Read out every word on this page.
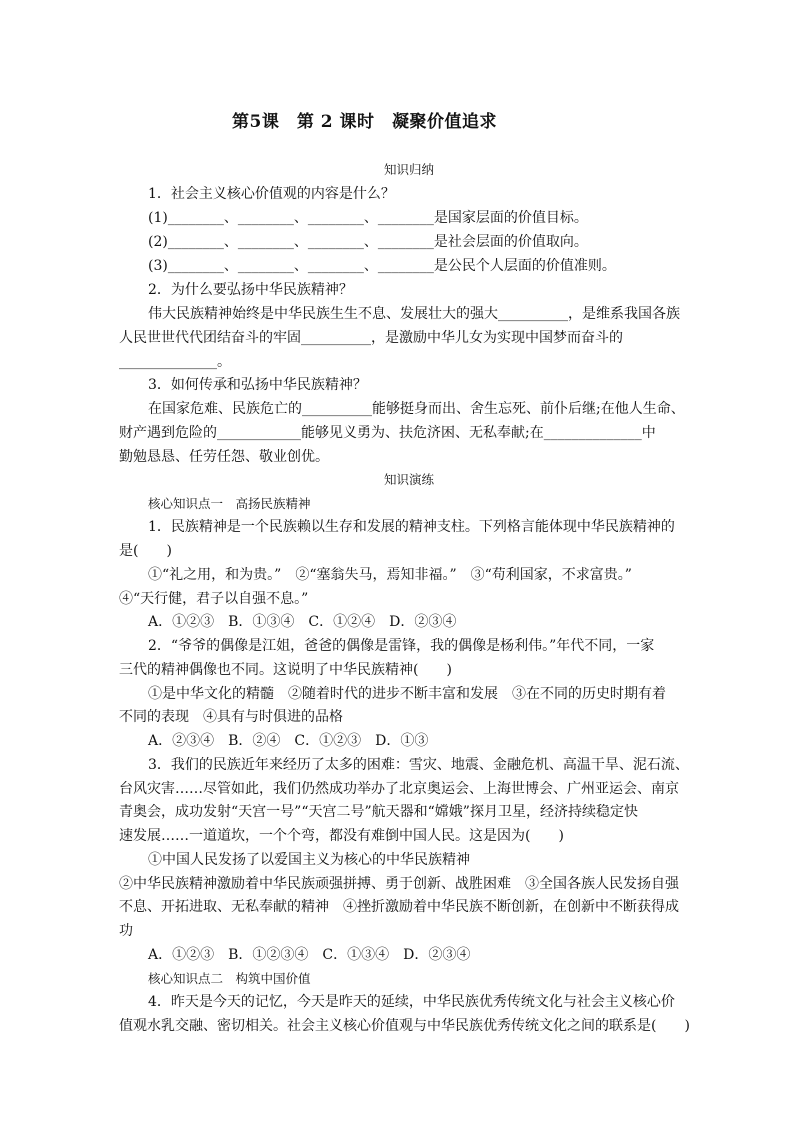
第5课　第 2 课时　凝聚价值追求
知识归纳
1．社会主义核心价值观的内容是什么？
(1)________、________、________、________是国家层面的价值目标。
(2)________、________、________、________是社会层面的价值取向。
(3)________、________、________、________是公民个人层面的价值准则。
2．为什么要弘扬中华民族精神？
伟大民族精神始终是中华民族生生不息、发展壮大的强大__________，是维系我国各族
人民世世代代团结奋斗的牢固__________，是激励中华儿女为实现中国梦而奋斗的
______________。
3．如何传承和弘扬中华民族精神？
在国家危难、民族危亡的__________能够挺身而出、舍生忘死、前仆后继;在他人生命、
财产遇到危险的____________能够见义勇为、扶危济困、无私奉献;在______________中
勤勉恳恳、任劳任怨、敬业创优。
知识演练
核心知识点一　高扬民族精神
1．民族精神是一个民族赖以生存和发展的精神支柱。下列格言能体现中华民族精神的
是(　　)
①“礼之用，和为贵。”　②“塞翁失马，焉知非福。”　③“苟利国家，不求富贵。”
④“天行健，君子以自强不息。”
A．①②③　B．①③④　C．①②④　D．②③④
2．“爷爷的偶像是江姐，爸爸的偶像是雷锋，我的偶像是杨利伟。”年代不同，一家
三代的精神偶像也不同。这说明了中华民族精神(　　)
①是中华文化的精髓　②随着时代的进步不断丰富和发展　③在不同的历史时期有着
不同的表现　④具有与时俱进的品格
A．②③④　B．②④　C．①②③　D．①③
3．我们的民族近年来经历了太多的困难：雪灾、地震、金融危机、高温干旱、泥石流、
台风灾害……尽管如此，我们仍然成功举办了北京奥运会、上海世博会、广州亚运会、南京
青奥会，成功发射“天宫一号”“天宫二号”航天器和“嫦娥”探月卫星，经济持续稳定快
速发展……一道道坎，一个个弯，都没有难倒中国人民。这是因为(　　)
①中国人民发扬了以爱国主义为核心的中华民族精神
②中华民族精神激励着中华民族顽强拼搏、勇于创新、战胜困难　③全国各族人民发扬自强
不息、开拓进取、无私奉献的精神　④挫折激励着中华民族不断创新，在创新中不断获得成
功
A．①②③　B．①②③④　C．①③④　D．②③④
核心知识点二　构筑中国价值
4．昨天是今天的记忆，今天是昨天的延续，中华民族优秀传统文化与社会主义核心价
值观水乳交融、密切相关。社会主义核心价值观与中华民族优秀传统文化之间的联系是(　　)
